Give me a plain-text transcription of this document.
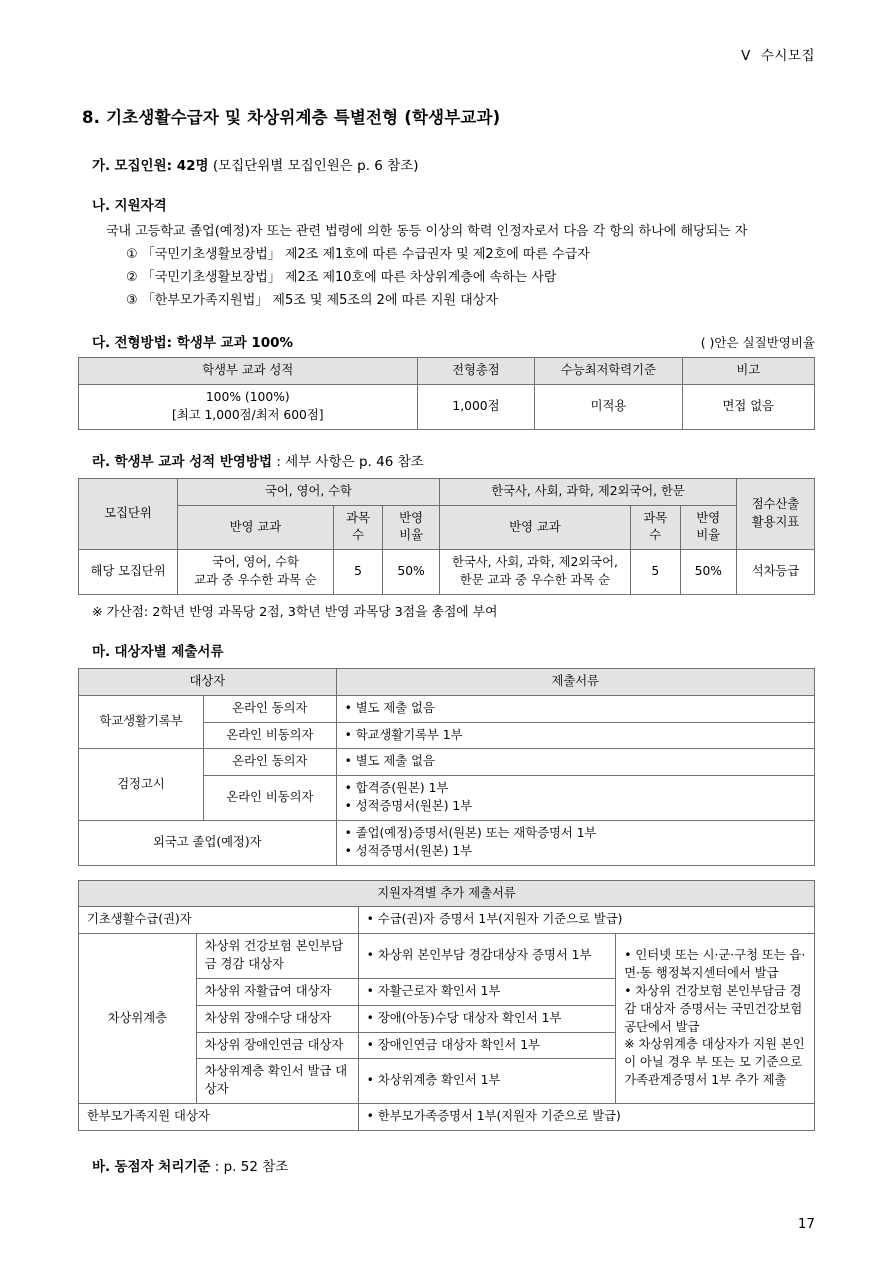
Ⅴ 수시모집
8. 기초생활수급자 및 차상위계층 특별전형 (학생부교과)
가. 모집인원: 42명 (모집단위별 모집인원은 p. 6 참조)
나. 지원자격

국내 고등학교 졸업(예정)자 또는 관련 법령에 의한 동등 이상의 학력 인정자로서 다음 각 항의 하나에 해당되는 자

① 「국민기초생활보장법」 제2조 제1호에 따른 수급권자 및 제2호에 따른 수급자
② 「국민기초생활보장법」 제2조 제10호에 따른 차상위계층에 속하는 사람
③ 「한부모가족지원법」 제5조 및 제5조의 2에 따른 지원 대상자
다. 전형방법: 학생부 교과 100%	( )안은 실질반영비율
학생부 교과 성적	전형총점	수능최저학력기준	비고

100% (100%)
[최고 1,000점/최저 600점]	1,000점	미적용	면접 없음
라. 학생부 교과 성적 반영방법 : 세부 사항은 p. 46 참조
모집단위	국어, 영어, 수학			한국사, 사회, 과학, 제2외국어, 한문			점수산출
활용지표

	반영 교과	과목
수	반영
비율	반영 교과	과목
수	반영
비율	

해당 모집단위	국어, 영어, 수학
교과 중 우수한 과목 순	5	50%	한국사, 사회, 과학, 제2외국어,
한문 교과 중 우수한 과목 순	5	50%	석차등급
※ 가산점: 2학년 반영 과목당 2점, 3학년 반영 과목당 3점을 총점에 부여
마. 대상자별 제출서류
대상자		제출서류
학교생활기록부	온라인 동의자	• 별도 제출 없음
	온라인 비동의자	• 학교생활기록부 1부
검정고시	온라인 동의자	• 별도 제출 없음
	온라인 비동의자	• 합격증(원본) 1부
• 성적증명서(원본) 1부

외국고 졸업(예정)자		• 졸업(예정)증명서(원본) 또는 재학증명서 1부
• 성적증명서(원본) 1부
지원자격별 추가 제출서류			
기초생활수급(권)자		• 수급(권)자 증명서 1부(지원자 기준으로 발급)	
차상위계층	차상위 건강보험 본인부담금 경감 대상자	• 차상위 본인부담 경감대상자 증명서 1부	• 인터넷 또는 시·군·구청 또는 읍·면·동 행정복지센터에서 발급
• 차상위 건강보험 본인부담금 경감 대상자 증명서는 국민건강보험공단에서 발급
※ 차상위계층 대상자가 지원 본인이 아닐 경우 부 또는 모 기준으로 가족관계증명서 1부 추가 제출

	차상위 자활급여 대상자	• 자활근로자 확인서 1부	
	차상위 장애수당 대상자	• 장애(아동)수당 대상자 확인서 1부	
	차상위 장애인연금 대상자	• 장애인연금 대상자 확인서 1부	
	차상위계층 확인서 발급 대상자	• 차상위계층 확인서 1부	
한부모가족지원 대상자		• 한부모가족증명서 1부(지원자 기준으로 발급)	
바. 동점자 처리기준 : p. 52 참조
17
